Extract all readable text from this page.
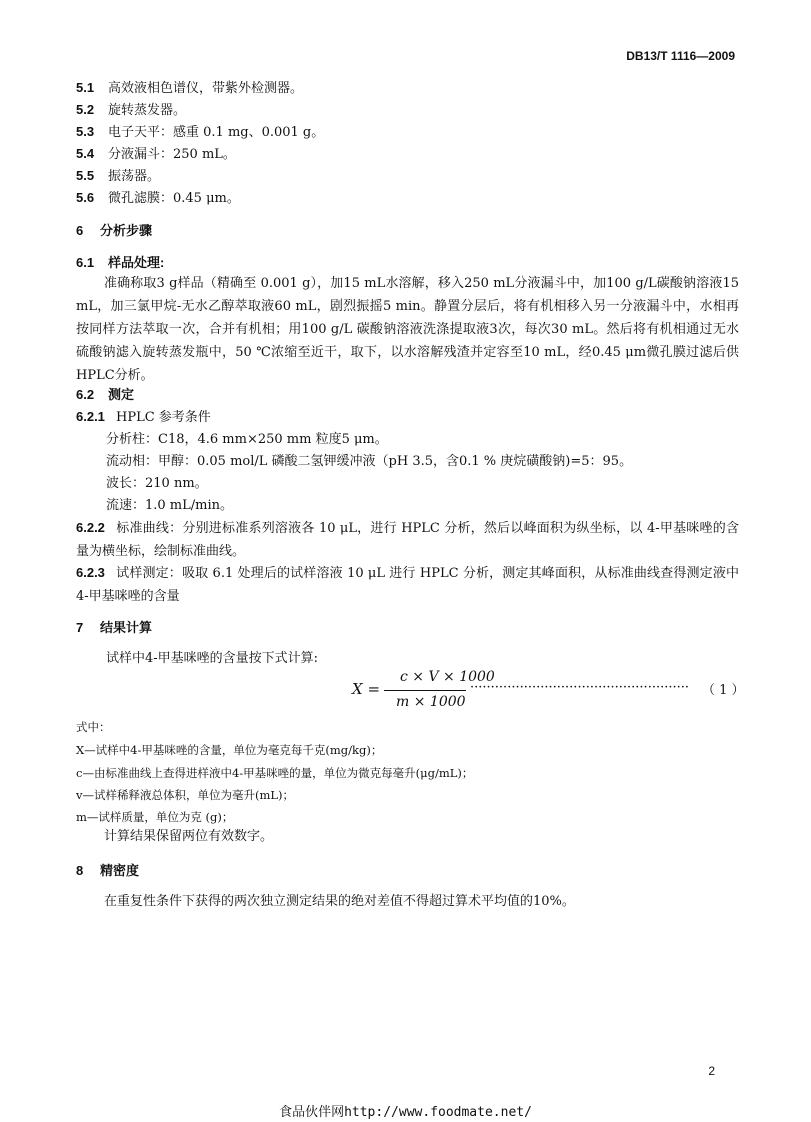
DB13/T 1116—2009
5.1 高效液相色谱仪，带紫外检测器。
5.2 旋转蒸发器。
5.3 电子天平：感重 0.1 mg、0.001 g。
5.4 分液漏斗：250 mL。
5.5 振荡器。
5.6 微孔滤膜：0.45 μm。
6 分析步骤
6.1 样品处理:
准确称取3 g样品（精确至 0.001 g），加15 mL水溶解，移入250 mL分液漏斗中，加100 g/L碳酸钠溶液15 mL，加三氯甲烷-无水乙醇萃取液60 mL，剧烈振摇5 min。静置分层后，将有机相移入另一分液漏斗中，水相再按同样方法萃取一次，合并有机相；用100 g/L 碳酸钠溶液洗涤提取液3次，每次30 mL。然后将有机相通过无水硫酸钠滤入旋转蒸发瓶中，50 ℃浓缩至近干，取下，以水溶解残渣并定容至10 mL，经0.45 μm微孔膜过滤后供HPLC分析。
6.2 测定
6.2.1 HPLC 参考条件
分析柱：C18，4.6 mm×250 mm 粒度5 μm。
流动相：甲醇：0.05 mol/L 磷酸二氢钾缓冲液（pH 3.5，含0.1 % 庚烷磺酸钠)=5：95。
波长：210 nm。
流速：1.0 mL/min。
6.2.2 标准曲线：分别进标准系列溶液各 10 μL，进行 HPLC 分析，然后以峰面积为纵坐标，以 4-甲基咪唑的含量为横坐标，绘制标准曲线。
6.2.3 试样测定：吸取 6.1 处理后的试样溶液 10 μL 进行 HPLC 分析，测定其峰面积，从标准曲线查得测定液中 4-甲基咪唑的含量
7 结果计算
试样中4-甲基咪唑的含量按下式计算:
X =
c × V × 1000
m × 1000
····················································· （ 1 ）
式中：
X—试样中4-甲基咪唑的含量，单位为毫克每千克(mg/kg)；
c—由标准曲线上查得进样液中4-甲基咪唑的量，单位为微克每毫升(μg/mL)；
v—试样稀释液总体积，单位为毫升(mL)；
m—试样质量，单位为克 (g)；
计算结果保留两位有效数字。
8 精密度
在重复性条件下获得的两次独立测定结果的绝对差值不得超过算术平均值的10%。
2
食品伙伴网http://www.foodmate.net/
